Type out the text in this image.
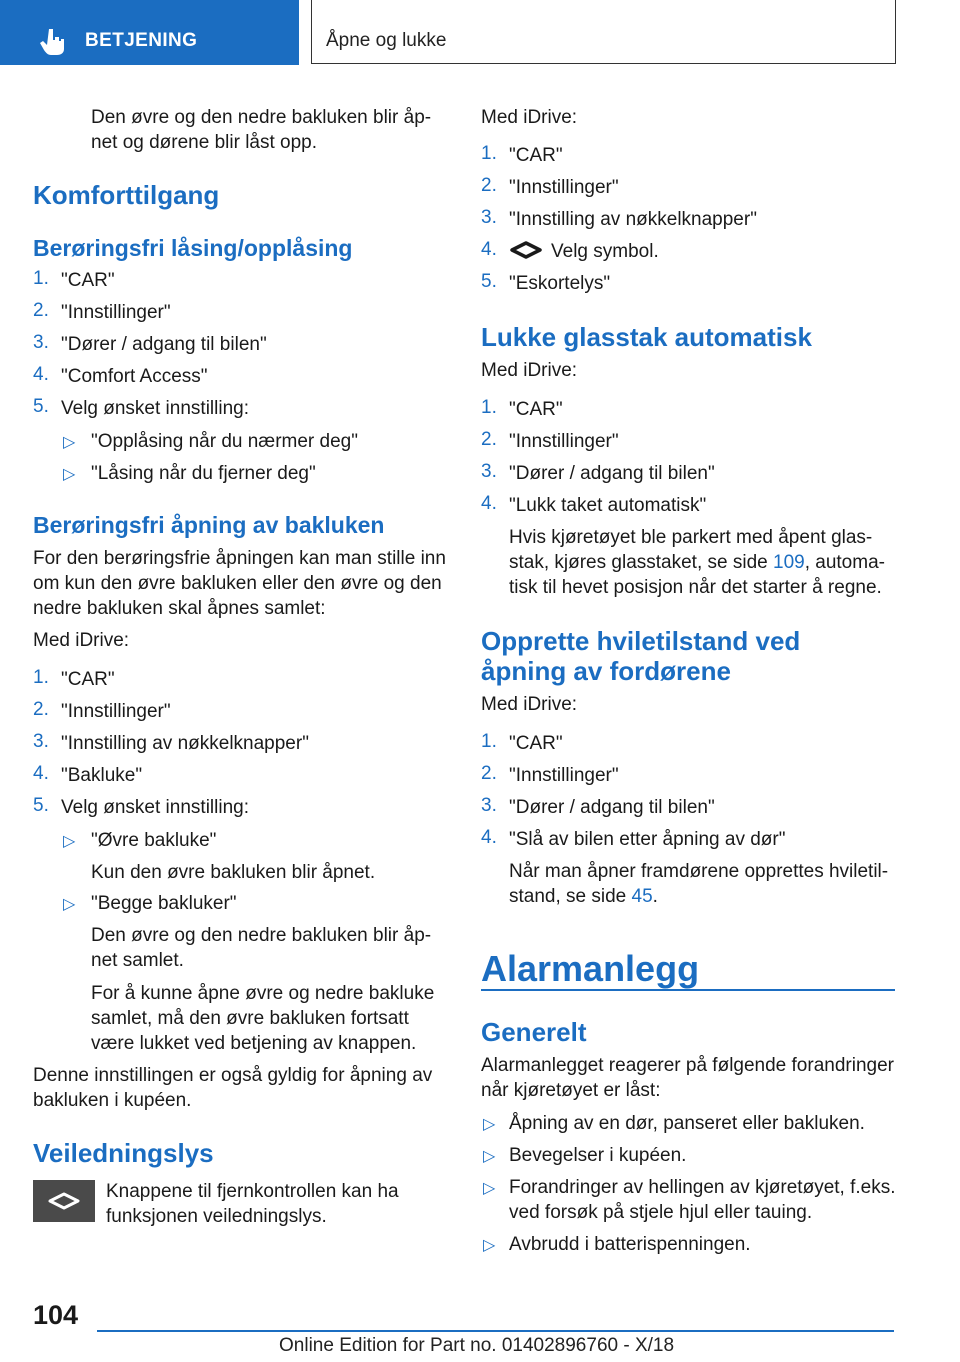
BETJENING	Åpne og lukke
Den øvre og den nedre bakluken blir åp-
net og dørene blir låst opp.
Komforttilgang
Berøringsfri låsing/opplåsing
1. "CAR"
2. "Innstillinger"
3. "Dører / adgang til bilen"
4. "Comfort Access"
5. Velg ønsket innstilling:
▷ "Opplåsing når du nærmer deg"
▷ "Låsing når du fjerner deg"
Berøringsfri åpning av bakluken
For den berøringsfrie åpningen kan man stille inn
om kun den øvre bakluken eller den øvre og den
nedre bakluken skal åpnes samlet:
Med iDrive:
1. "CAR"
2. "Innstillinger"
3. "Innstilling av nøkkelknapper"
4. "Bakluke"
5. Velg ønsket innstilling:
▷ "Øvre bakluke"
Kun den øvre bakluken blir åpnet.
▷ "Begge bakluker"
Den øvre og den nedre bakluken blir åp-
net samlet.
For å kunne åpne øvre og nedre bakluke
samlet, må den øvre bakluken fortsatt
være lukket ved betjening av knappen.
Denne innstillingen er også gyldig for åpning av
bakluken i kupéen.
Veiledningslys
Knappene til fjernkontrollen kan ha
funksjonen veiledningslys.
Med iDrive:
1. "CAR"
2. "Innstillinger"
3. "Innstilling av nøkkelknapper"
4.	Velg symbol.
5. "Eskortelys"
Lukke glasstak automatisk
Med iDrive:
1. "CAR"
2. "Innstillinger"
3. "Dører / adgang til bilen"
4. "Lukk taket automatisk"
Hvis kjøretøyet ble parkert med åpent glas-
stak, kjøres glasstaket, se side 109, automa-
tisk til hevet posisjon når det starter å regne.
Opprette hviletilstand ved
åpning av fordørene
Med iDrive:
1. "CAR"
2. "Innstillinger"
3. "Dører / adgang til bilen"
4. "Slå av bilen etter åpning av dør"
Når man åpner framdørene opprettes hviletil-
stand, se side 45.
Alarmanlegg
Generelt
Alarmanlegget reagerer på følgende forandringer
når kjøretøyet er låst:
▷ Åpning av en dør, panseret eller bakluken.
▷ Bevegelser i kupéen.
▷ Forandringer av hellingen av kjøretøyet, f.eks.
ved forsøk på stjele hjul eller tauing.
▷ Avbrudd i batterispenningen.
104
Online Edition for Part no. 01402896760 - X/18
